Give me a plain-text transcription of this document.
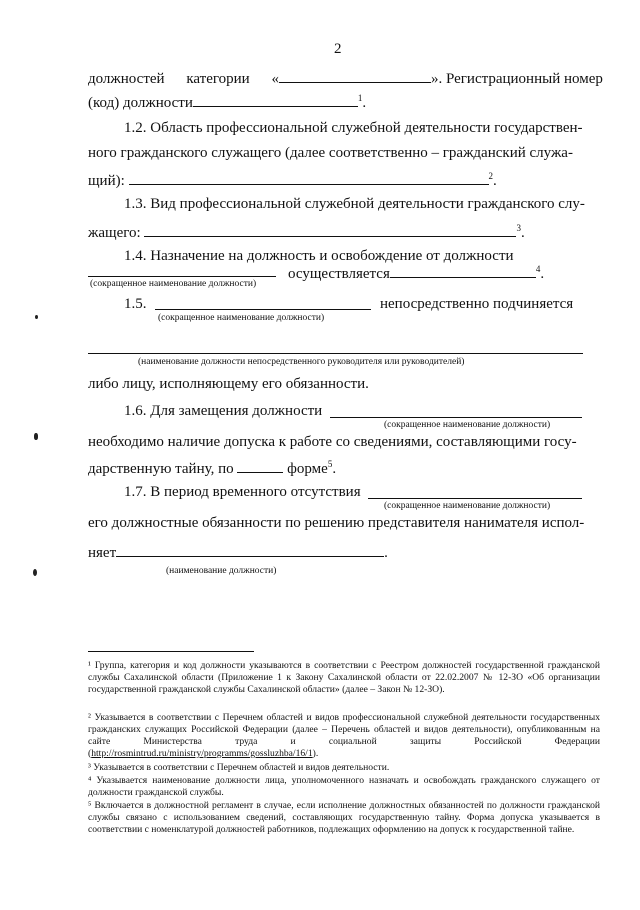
2
должностей категории «	». Регистрационный номер
(код) должности	$^1$.
1.2. Область профессиональной служебной деятельности государствен-
ного гражданского служащего (далее соответственно – гражданский служа-
щий):	$^2$.
1.3. Вид профессиональной служебной деятельности гражданского слу-
жащего:	$^3$.
1.4. Назначение на должность и освобождение от должности
осуществляется	$^4$.
(сокращенное наименование должности)
1.5.	непосредственно подчиняется
(сокращенное наименование должности)
(наименование должности непосредственного руководителя или руководителей)
либо лицу, исполняющему его обязанности.
1.6. Для замещения должности
(сокращенное наименование должности)
необходимо наличие допуска к работе со сведениями, составляющими госу-
дарственную тайну, по	форме$^5$.
1.7. В период временного отсутствия
(сокращенное наименование должности)
его должностные обязанности по решению представителя нанимателя испол-
няет	.
(наименование должности)
¹ Группа, категория и код должности указываются в соответствии с Реестром должностей государственной гражданской службы Сахалинской области (Приложение 1 к Закону Сахалинской области от 22.02.2007 № 12-ЗО «Об организации государственной гражданской службы Сахалинской области» (далее – Закон № 12-ЗО).
² Указывается в соответствии с Перечнем областей и видов профессиональной служебной деятельности государственных гражданских служащих Российской Федерации (далее – Перечень областей и видов деятельности), опубликованным на сайте Министерства труда и социальной защиты Российской Федерации (http://rosmintrud.ru/ministry/programms/gossluzhba/16/1).
³ Указывается в соответствии с Перечнем областей и видов деятельности.
⁴ Указывается наименование должности лица, уполномоченного назначать и освобождать гражданского служащего от должности гражданской службы.
⁵ Включается в должностной регламент в случае, если исполнение должностных обязанностей по должности гражданской службы связано с использованием сведений, составляющих государственную тайну. Форма допуска указывается в соответствии с номенклатурой должностей работников, подлежащих оформлению на допуск к государственной тайне.
